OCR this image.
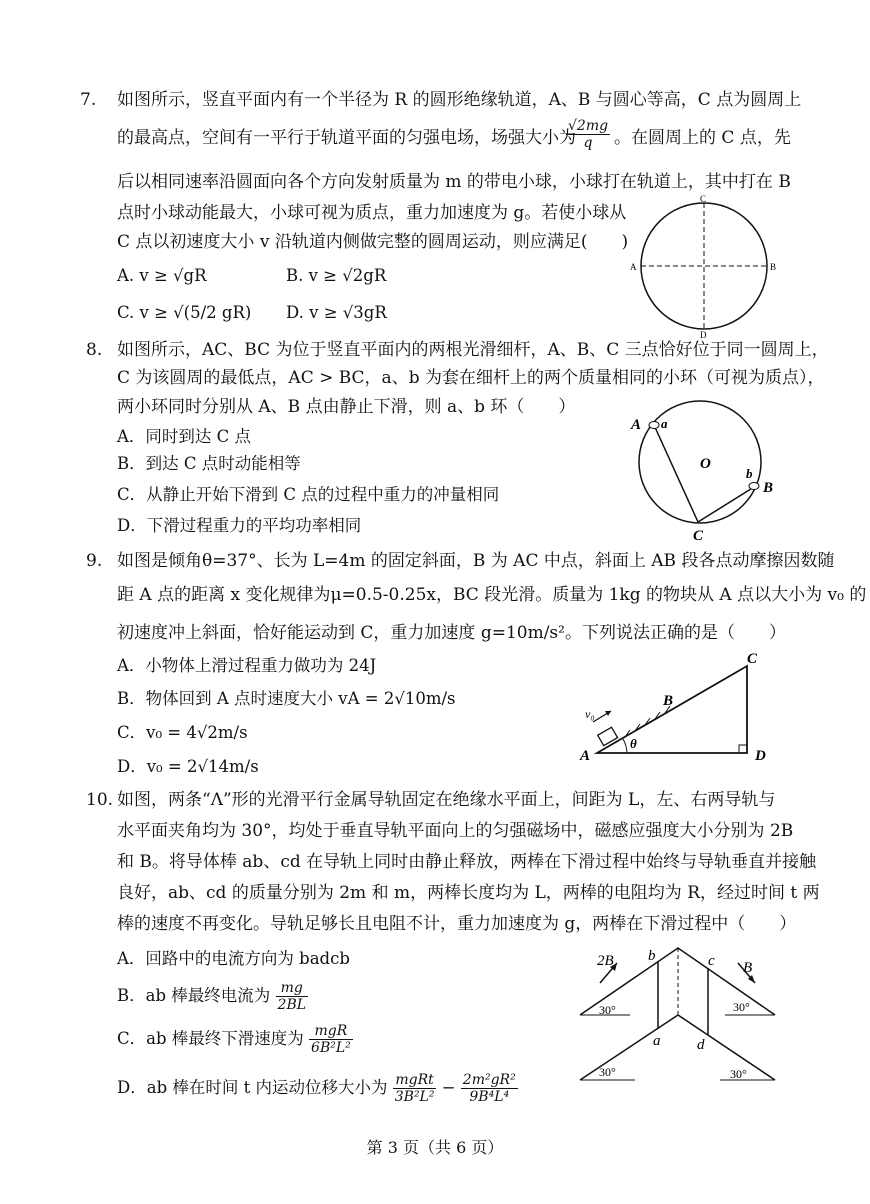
7. 如图所示，竖直平面内有一个半径为 R 的圆形绝缘轨道，A、B 与圆心等高，C 点为圆周上
的最高点，空间有一平行于轨道平面的匀强电场，场强大小为
$\frac{√2mg}{q}$ 。在圆周上的 C 点，先
后以相同速率沿圆面向各个方向发射质量为 m 的带电小球，小球打在轨道上，其中打在 B
点时小球动能最大，小球可视为质点，重力加速度为 g。若使小球从
C 点以初速度大小 v 沿轨道内侧做完整的圆周运动，则应满足(　　)
A. v ≥ √gR	B. v ≥ √2gR
C. v ≥ √(5/2 gR) D. v ≥ √3gR
C
A	B
D
8. 如图所示，AC、BC 为位于竖直平面内的两根光滑细杆，A、B、C 三点恰好位于同一圆周上，
C 为该圆周的最低点，AC > BC，a、b 为套在细杆上的两个质量相同的小环（可视为质点），
两小环同时分别从 A、B 点由静止下滑，则 a、b 环（　　）
A．同时到达 C 点
B．到达 C 点时动能相等
C．从静止开始下滑到 C 点的过程中重力的冲量相同
D．下滑过程重力的平均功率相同
A a
O
b
B
C
9. 如图是倾角θ=37°、长为 L=4m 的固定斜面，B 为 AC 中点，斜面上 AB 段各点动摩擦因数随
距 A 点的距离 x 变化规律为μ=0.5-0.25x，BC 段光滑。质量为 1kg 的物块从 A 点以大小为 v₀ 的
初速度冲上斜面，恰好能运动到 C，重力加速度 g=10m/s²。下列说法正确的是（　　）
A．小物体上滑过程重力做功为 24J
B．物体回到 A 点时速度大小 vA = 2√10m/s
C．v₀ = 4√2m/s
D．v₀ = 2√14m/s
C
B
v₀
θ
A	D
10. 如图，两条“Λ”形的光滑平行金属导轨固定在绝缘水平面上，间距为 L，左、右两导轨与
水平面夹角均为 30°，均处于垂直导轨平面向上的匀强磁场中，磁感应强度大小分别为 2B
和 B。将导体棒 ab、cd 在导轨上同时由静止释放，两棒在下滑过程中始终与导轨垂直并接触
良好，ab、cd 的质量分别为 2m 和 m，两棒长度均为 L，两棒的电阻均为 R，经过时间 t 两
棒的速度不再变化。导轨足够长且电阻不计，重力加速度为 g，两棒在下滑过程中（　　）
A．回路中的电流方向为 badcb
B．ab 棒最终电流为 $\frac{mg}{2BL}$
C．ab 棒最终下滑速度为 $\frac{\text{mgR}}{\text{6B²L²}}$
D．ab 棒在时间 t 内运动位移大小为 $\frac{\text{mgRt}}{\text{3B²L²}} - \frac{\text{2m²gR²}}{\text{9B⁴L⁴}}$
2B b	c B
30°	30°
a d
30°	30°
第 3 页（共 6 页）
